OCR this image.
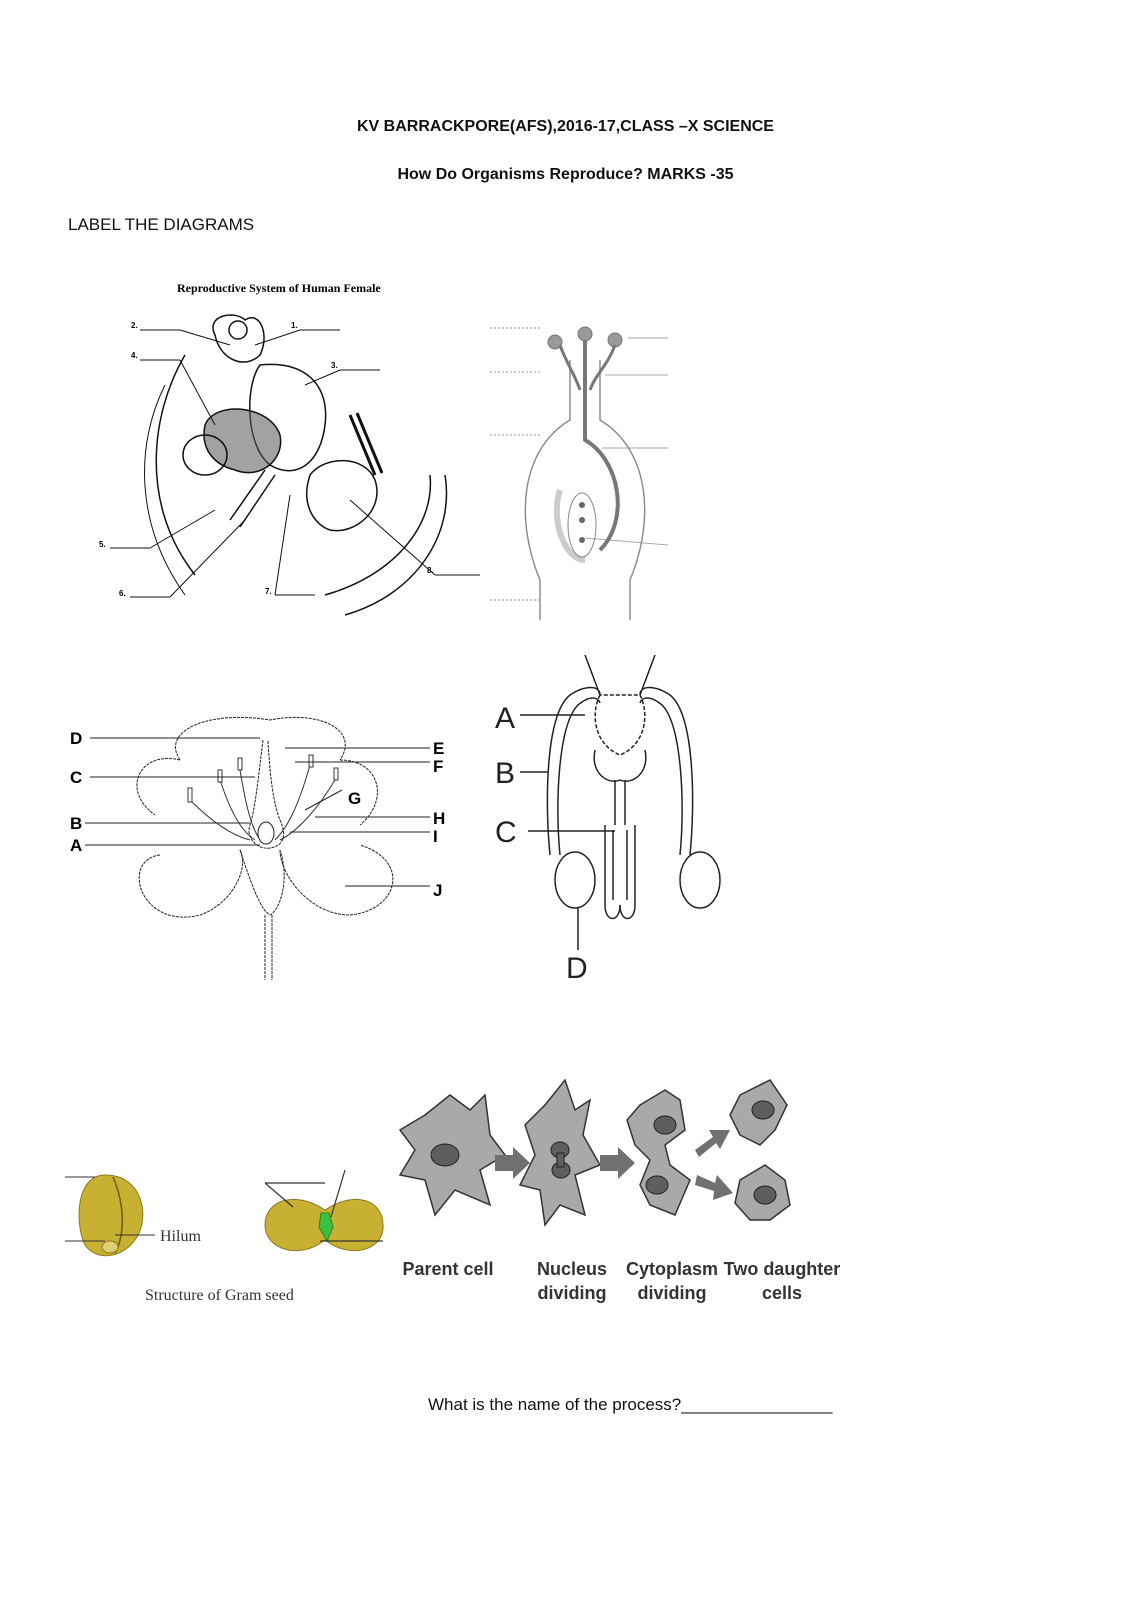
KV BARRACKPORE(AFS),2016-17,CLASS –X SCIENCE
How Do Organisms Reproduce? MARKS -35
LABEL THE DIAGRAMS
Reproductive System of Human Female
1.
2.
3.
4.
5.
6.	7.
8.
D
C
B
A
E
F
G
H
I
J
A
B
C
D
Hilum
Structure of Gram seed
Parent cell Nucleus
dividing
Cytoplasm
dividing
Two daughter
cells
What is the name of the process?________________
